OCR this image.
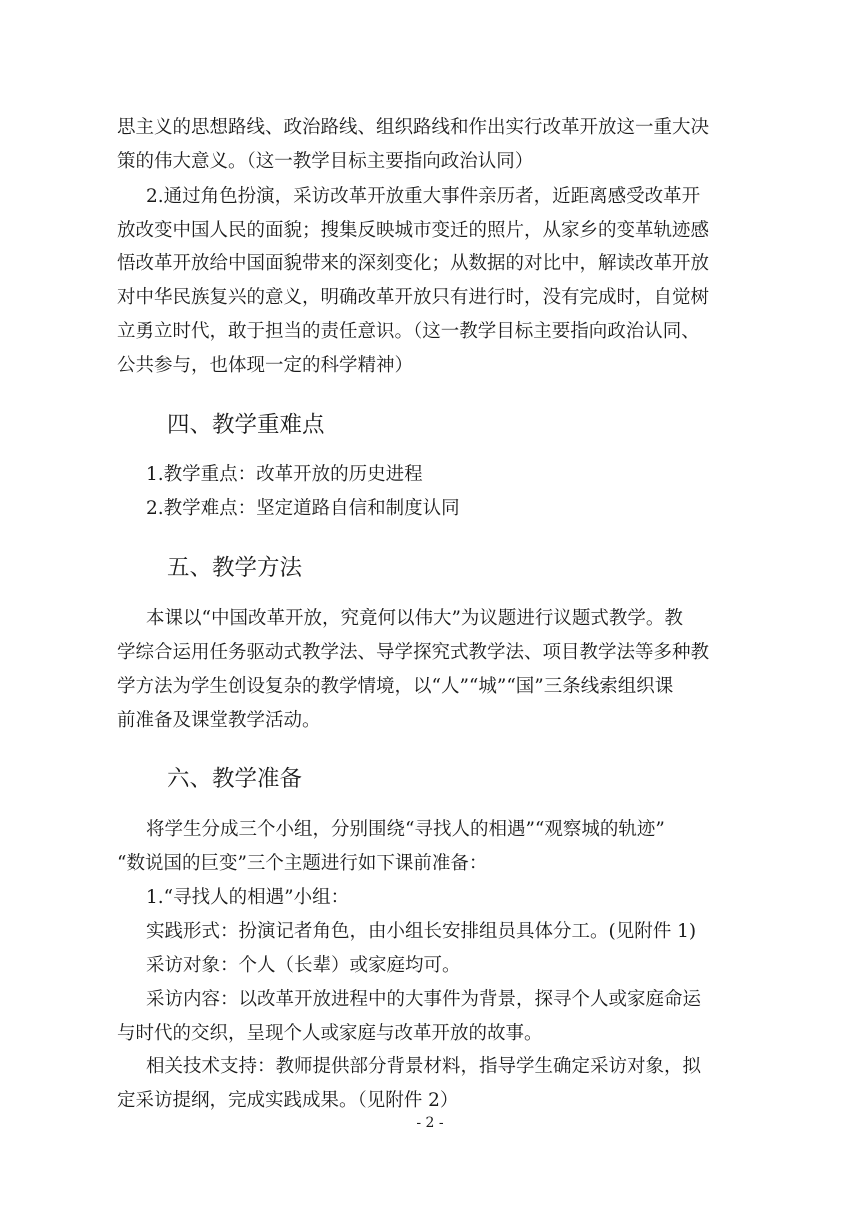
思主义的思想路线、政治路线、组织路线和作出实行改革开放这一重大决
策的伟大意义。（这一教学目标主要指向政治认同）
2.通过角色扮演，采访改革开放重大事件亲历者，近距离感受改革开
放改变中国人民的面貌；搜集反映城市变迁的照片，从家乡的变革轨迹感
悟改革开放给中国面貌带来的深刻变化；从数据的对比中，解读改革开放
对中华民族复兴的意义，明确改革开放只有进行时，没有完成时，自觉树
立勇立时代，敢于担当的责任意识。（这一教学目标主要指向政治认同、
公共参与，也体现一定的科学精神）
四、教学重难点
1.教学重点：改革开放的历史进程
2.教学难点：坚定道路自信和制度认同
五、教学方法
本课以“中国改革开放，究竟何以伟大”为议题进行议题式教学。教
学综合运用任务驱动式教学法、导学探究式教学法、项目教学法等多种教
学方法为学生创设复杂的教学情境，以“人”“城”“国”三条线索组织课
前准备及课堂教学活动。
六、教学准备
将学生分成三个小组，分别围绕“寻找人的相遇”“观察城的轨迹”
“数说国的巨变”三个主题进行如下课前准备：
1.“寻找人的相遇”小组：
实践形式：扮演记者角色，由小组长安排组员具体分工。(见附件 1)
采访对象：个人（长辈）或家庭均可。
采访内容：以改革开放进程中的大事件为背景，探寻个人或家庭命运
与时代的交织，呈现个人或家庭与改革开放的故事。
相关技术支持：教师提供部分背景材料，指导学生确定采访对象，拟
定采访提纲，完成实践成果。（见附件 2）
- 2 -
